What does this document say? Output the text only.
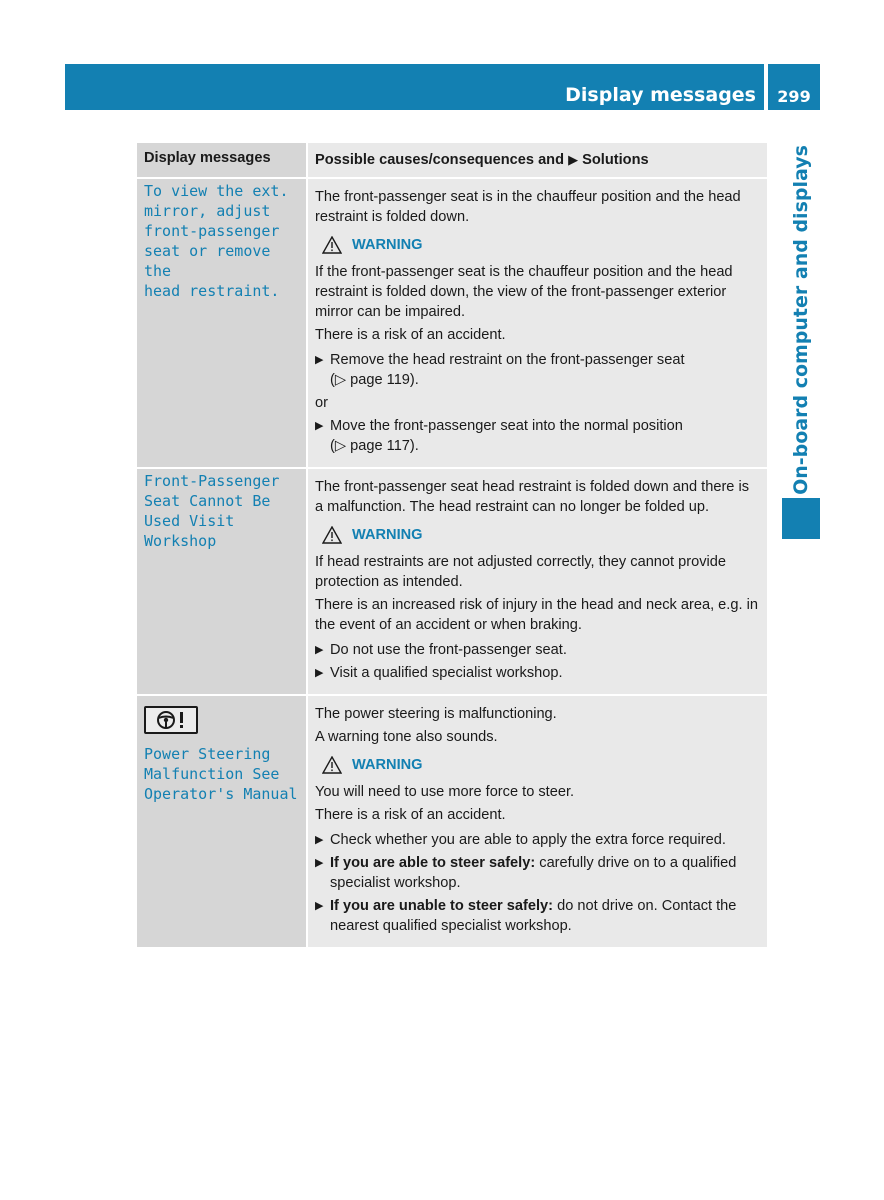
Display messages	299
On-board computer and displays
Display messages	Possible causes/consequences and ▶ Solutions
To view the ext.
mirror, adjust
front-passenger
seat or remove the
head restraint.

The front-passenger seat is in the chauffeur position and the head restraint is folded down.

WARNING

If the front-passenger seat is the chauffeur position and the head restraint is folded down, the view of the front-passenger exterior mirror can be impaired.

There is a risk of an accident.

▶ Remove the head restraint on the front-passenger seat
(▷ page 119).

or

▶ Move the front-passenger seat into the normal position
(▷ page 117).
Front-Passenger
Seat Cannot Be
Used Visit Workshop

The front-passenger seat head restraint is folded down and there is a malfunction. The head restraint can no longer be folded up.

WARNING

If head restraints are not adjusted correctly, they cannot provide protection as intended.

There is an increased risk of injury in the head and neck area, e.g. in the event of an accident or when braking.

▶ Do not use the front-passenger seat.
▶ Visit a qualified specialist workshop.
Power Steering
Malfunction See
Operator's Manual

The power steering is malfunctioning.

A warning tone also sounds.

WARNING

You will need to use more force to steer.

There is a risk of an accident.

▶ Check whether you are able to apply the extra force required.
▶ If you are able to steer safely: carefully drive on to a qualified specialist workshop.
▶ If you are unable to steer safely: do not drive on. Contact the nearest qualified specialist workshop.
